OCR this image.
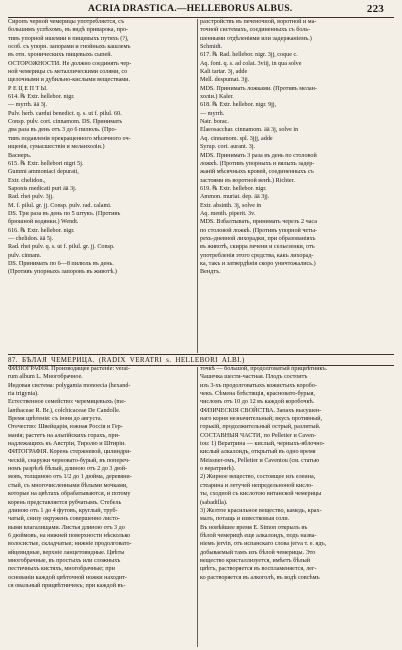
ACRIA DRASTICA.—HELLEBORUS ALBUS.	223

Сиропъ черной чемерицы употребляется, съ

большимъ успѣхомъ, въ видѣ приварока, про-

тивъ упорной ишемии в пищевыхъ путяхъ (?),

особ. съ упорн. запорами и гнойныхъ кашлемъ

въ отн. хроническихъ пищевыхъ сыпей.

ОСТОРОЖНОСТИ. Не должно соединять чер-

ной чемерицы съ металлическими солями, со

щелочными и дубильно-кислыми веществами.

Р Е Ц Е П Т Ы.

614. ℞ Extr. hellebor. nigr.

— myrrh. ää 3j.

Pulv. herb. cardui benedict. q. s. ut f. pilul. 60.

Consp. pulv. cort. cinnamom. DS. Принимать

два раза въ день отъ 3 до 6 пилюль. (Про-

тивъ подавленія прекращенного мѣсячного оч-

ищенія, сумасшествія и меланхоліи.)

Васнеръ.

615. ℞ Extr. hellebori nigri 5j.

Gummi ammoniaci depurati,

Extr. chelidon.,

Saponis medicati puri ää 3j.

Rad. rhei pulv. 3jj.

M. f. pilul. gr. jj. Consp. pulv. rad. calami.

DS. Три раза въ день по 5 штукъ. (Противъ

брюшной водянки.) Wendt.

616. ℞ Extr. hellebor. nigr.

— chelidon. ää 5j.

Rad. rhei pulv. q. s. ut f. pilul. gr. jj. Consp.

pulv. cinnam.

DS. Принимать по 6—8 пилюль въ день.

(Противъ упорныхъ запоровъ въ животѣ.)

разстройствъ въ печеночной, воротной и ма-

точной системахъ, соединенныхъ съ боль-

шенными отдѣленіями или задержаніемъ.)

Sсhmidt.

617. ℞ Rad. hellebor. nigr. 3jj, coque c.

Aq. font. q. s. ad colat. 3viij, in qua solve

Kali tartar. 3j, adde

Mell. despumat. 3jj.

MDS. Принимать ложками. (Противъ мелан-

холіи.) Kaler.

618. ℞ Extr. hellebor. nigr. 9jj,

— myrrh.

Natr. borac.

Elaeosacchar. cinnamom. ää 3j, solve in

Aq. cinnamom. spl. 3jjj, adde

Syrup. cort. aurant. 3j.

MDS. Принимать 3 раза въ день по столовой

ложкѣ. (Противъ упорныхъ и вялыхъ задер-

жаній мѣсячныхъ кровей, соединенныхъ съ

застоями въ воротной венѣ.) Richter.

619. ℞ Extr. hellebor. nigr.

Ammon. muriat. dep. ää 3jj.

Extr. absinth. 3j, solve in

Aq. menth. piperit. 3v.

MDS. Взбалтывать, принимать черезъ 2 часа

по столовой ложкѣ. (Противъ упорной четы-

рехъ-дневной лихорадки, при образованіяхъ

въ животѣ, скирра печени и сельезенки, отъ

употребленія этого средства, какъ лихорад-

ка, такъ и затвердѣнія скоро уничтожались.)

Вендтъ.

87. БѢЛАЯ ЧЕМЕРИЦА. (RADIX VERATRI s. HELLEBORI ALBI.)

ФИЗІОГРАФІЯ. Производящее растеніе: verat-

rum album L. Многобрачное.

Индовая система: polygamia monoecia (hexand-

ria trigynia).

Естественное семейство: черемицевыхъ (me-

lanthaceae R. Br.), colchicaceae De Candolle.

Время цвѣтенія: съ іюня до августа.

Отечество: Швейцарія, южная Россія и Гер-

манія; растетъ на альпійскихъ горахъ, при-

надлежащихъ къ Австріи, Тиролю и Штиріи.

ФИТОГРАФІЯ. Корень стержневой, цилиндри-

ческій, снаружи черновато-бурый, въ попереч-

номъ разрѣзѣ бѣлый, длиною отъ 2 до 3 дюй-

мовъ, толщиною отъ 1/2 до 1 дюйма, деревяни-

стый, съ многочисленными бѣлыми мочками,

которые на цвѣтахъ обрабатываются, и потому

корень представляется рубчатымъ. Стебель

длиною отъ 1 до 4 футовъ, круглый, труб-

чатый, снизу окруженъ совершенно листо-

выми влагалищами. Листья длиною отъ 3 до

6 дюймовъ, на нижней поверхности нѣсколько

волосистые, складчатые; нижніе продолговато-

яйцевидные, верхніе ланцетовидные. Цвѣты

многобрачные, въ простыхъ или сложныхъ

пестичныхъ кистяхъ, многобрачные; при

основаніи каждой цвѣточной ножки находит-

ся овальный прицвѣтничекъ; при каждой въ-

точкѣ — большой, продолговатый прицвѣтникъ.

Чашечка шести-частная. Плодъ состоитъ

изъ 3-хъ продолговатыхъ кожистыхъ коробо-

чекъ. Сѣмена блѣстящія, красновато-бурыя,

числомъ отъ 10 до 12 въ каждой коробочкѣ.

ФИЗИЧЕСКІЯ СВОЙСТВА. Запахъ высушен-

наго корня незначительный; вкусъ противный,

горькій, продолжительный острый, разлитый.

СОСТАВНЫЯ ЧАСТИ, по Pelletier и Caven-

tou: 1) Вератрина — кислый, черныхъ-яблочно-

кислый алкалоидъ, открытый въ одно время

Meissner-омъ, Pelletier и Caventou (см. статью

о вератринѣ).

2) Жирное вещество, состоящее изъ елеина,

стеарина и летучей непредельноной кисло-

ты, сходной съ кислотою витанской чемерицы

(sabadilla).

3) Желтое красильное вещество, камедь, крах-

малъ, потащь и известковыя соли.

Въ новѣйшее время E. Simon открылъ въ

бѣлой чемерицѣ еще алкалоидъ, подъ назва-

ніемъ jervin, отъ испанскаго слова jerva т. е. ядъ,

добываемый тамъ изъ бѣлой чемерицы. Это

вещество кристаллизуется, имѣетъ бѣлый

цвѣтъ, растворяется въ воспламеняется, лег-

ко растворяется въ алкоголѣ, въ водѣ совсѣмъ
